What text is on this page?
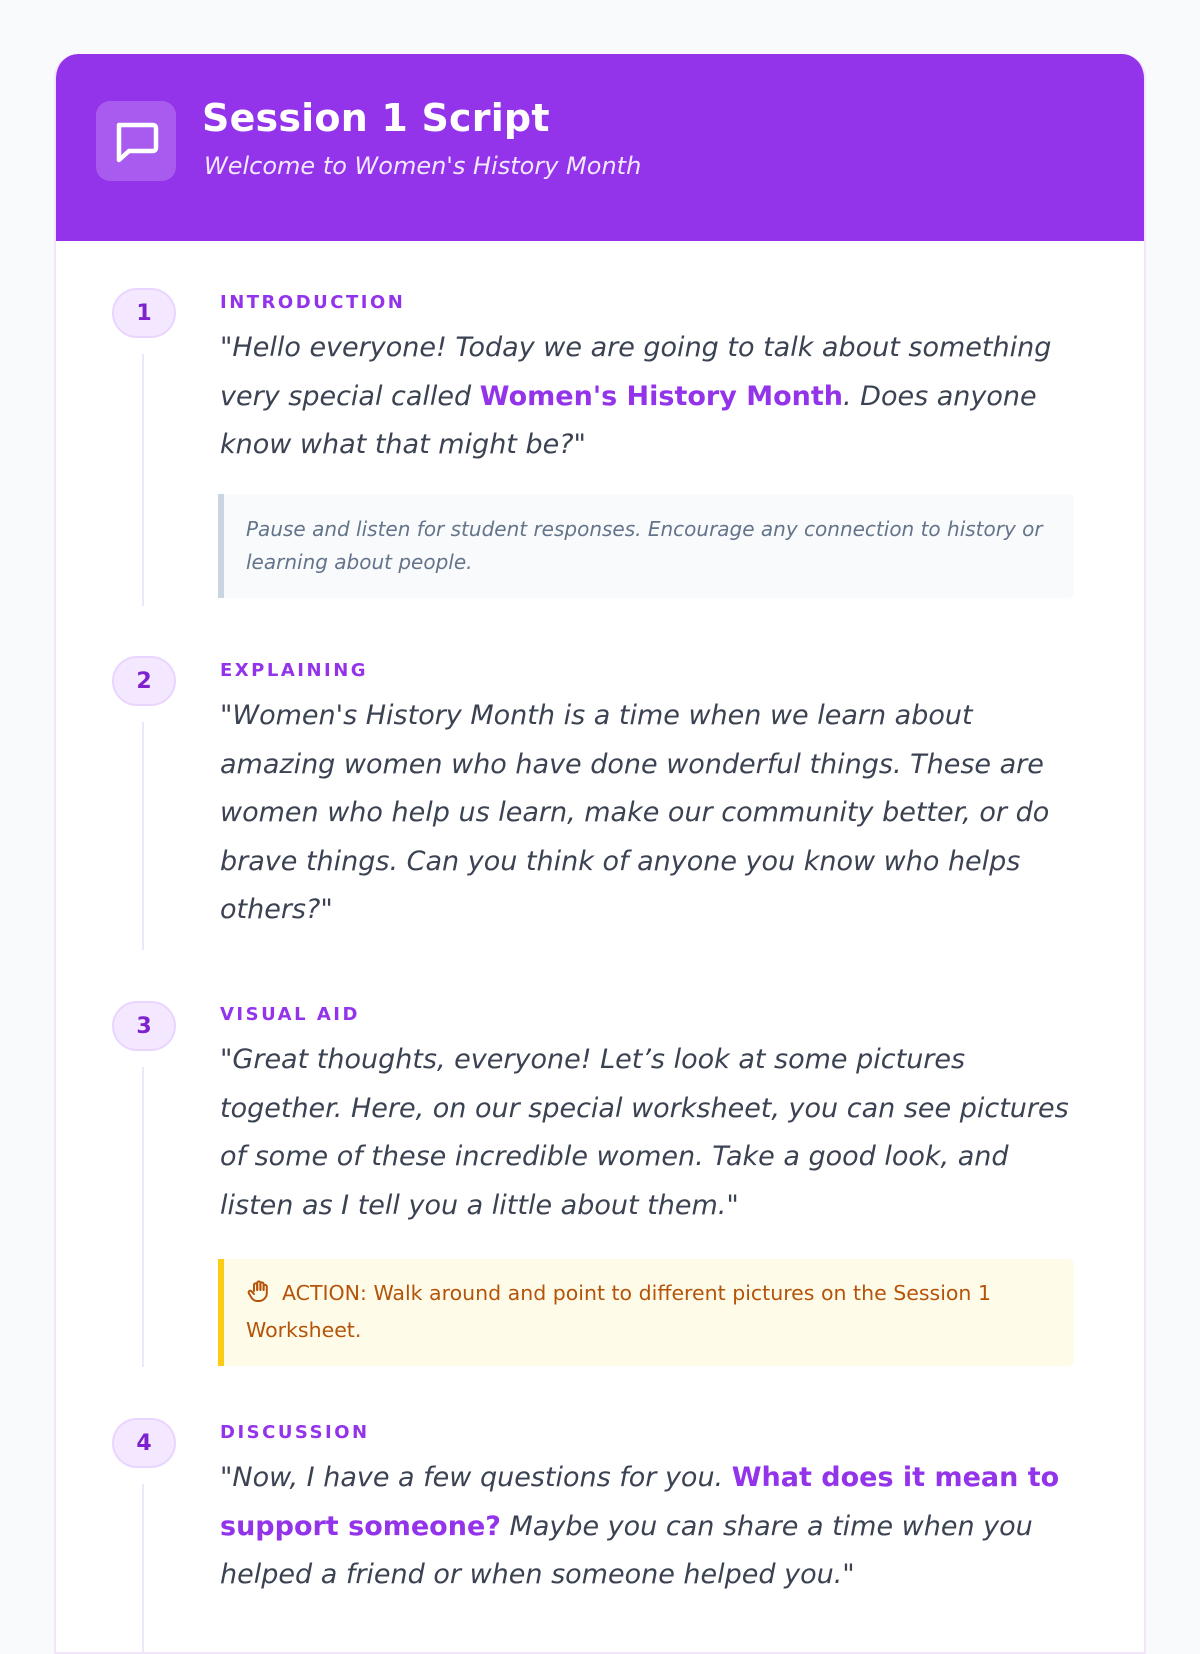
Session 1 Script
Welcome to Women's History Month
1	INTRODUCTION

"Hello everyone! Today we are going to talk about something very special called Women's History Month. Does anyone know what that might be?"

Pause and listen for student responses. Encourage any connection to history or learning about people.
2	EXPLAINING

"Women's History Month is a time when we learn about amazing women who have done wonderful things. These are women who help us learn, make our community better, or do brave things. Can you think of anyone you know who helps others?"

3	VISUAL AID

"Great thoughts, everyone! Let’s look at some pictures together. Here, on our special worksheet, you can see pictures of some of these incredible women. Take a good look, and listen as I tell you a little about them."

ACTION: Walk around and point to different pictures on the Session 1 Worksheet.
4	DISCUSSION

"Now, I have a few questions for you. What does it mean to support someone? Maybe you can share a time when you helped a friend or when someone helped you."
